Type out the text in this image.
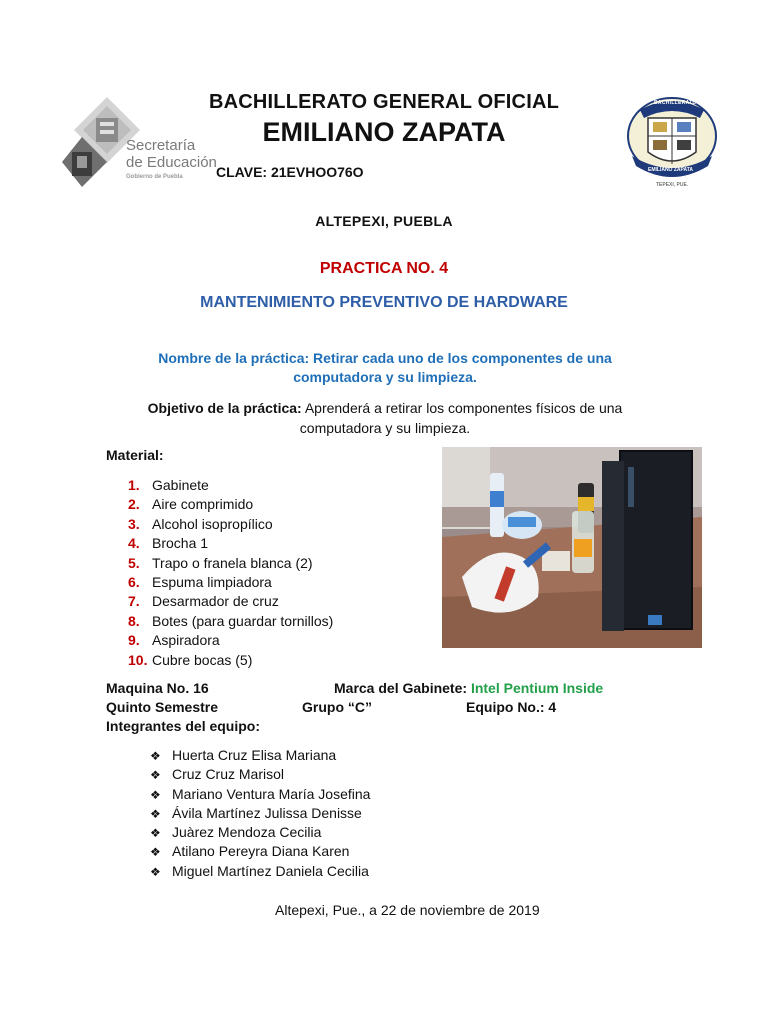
Secretaría
de Educación
Gobierno de Puebla
BACHILLERATO GENERAL OFICIAL
EMILIANO ZAPATA
CLAVE: 21EVHOO76O
BACHILLERATO
EMILIANO ZAPATA
TEPEXI, PUE.
ALTEPEXI, PUEBLA
PRACTICA NO. 4
MANTENIMIENTO PREVENTIVO DE HARDWARE
Nombre de la práctica: Retirar cada uno de los componentes de una computadora y su limpieza.
Objetivo de la práctica: Aprenderá a retirar los componentes físicos de una computadora y su limpieza.
Material:
1. Gabinete
2. Aire comprimido
3. Alcohol isopropílico
4. Brocha 1
5. Trapo o franela blanca (2)
6. Espuma limpiadora
7. Desarmador de cruz
8. Botes (para guardar tornillos)
9. Aspiradora
10. Cubre bocas (5)
Maquina No. 16	Marca del Gabinete: Intel Pentium Inside
Quinto Semestre	Grupo “C”	Equipo No.: 4
Integrantes del equipo:
❖ Huerta Cruz Elisa Mariana
❖ Cruz Cruz Marisol
❖ Mariano Ventura María Josefina
❖ Ávila Martínez Julissa Denisse
❖ Juàrez Mendoza Cecilia
❖ Atilano Pereyra Diana Karen
❖ Miguel Martínez Daniela Cecilia
Altepexi, Pue., a 22 de noviembre de 2019
